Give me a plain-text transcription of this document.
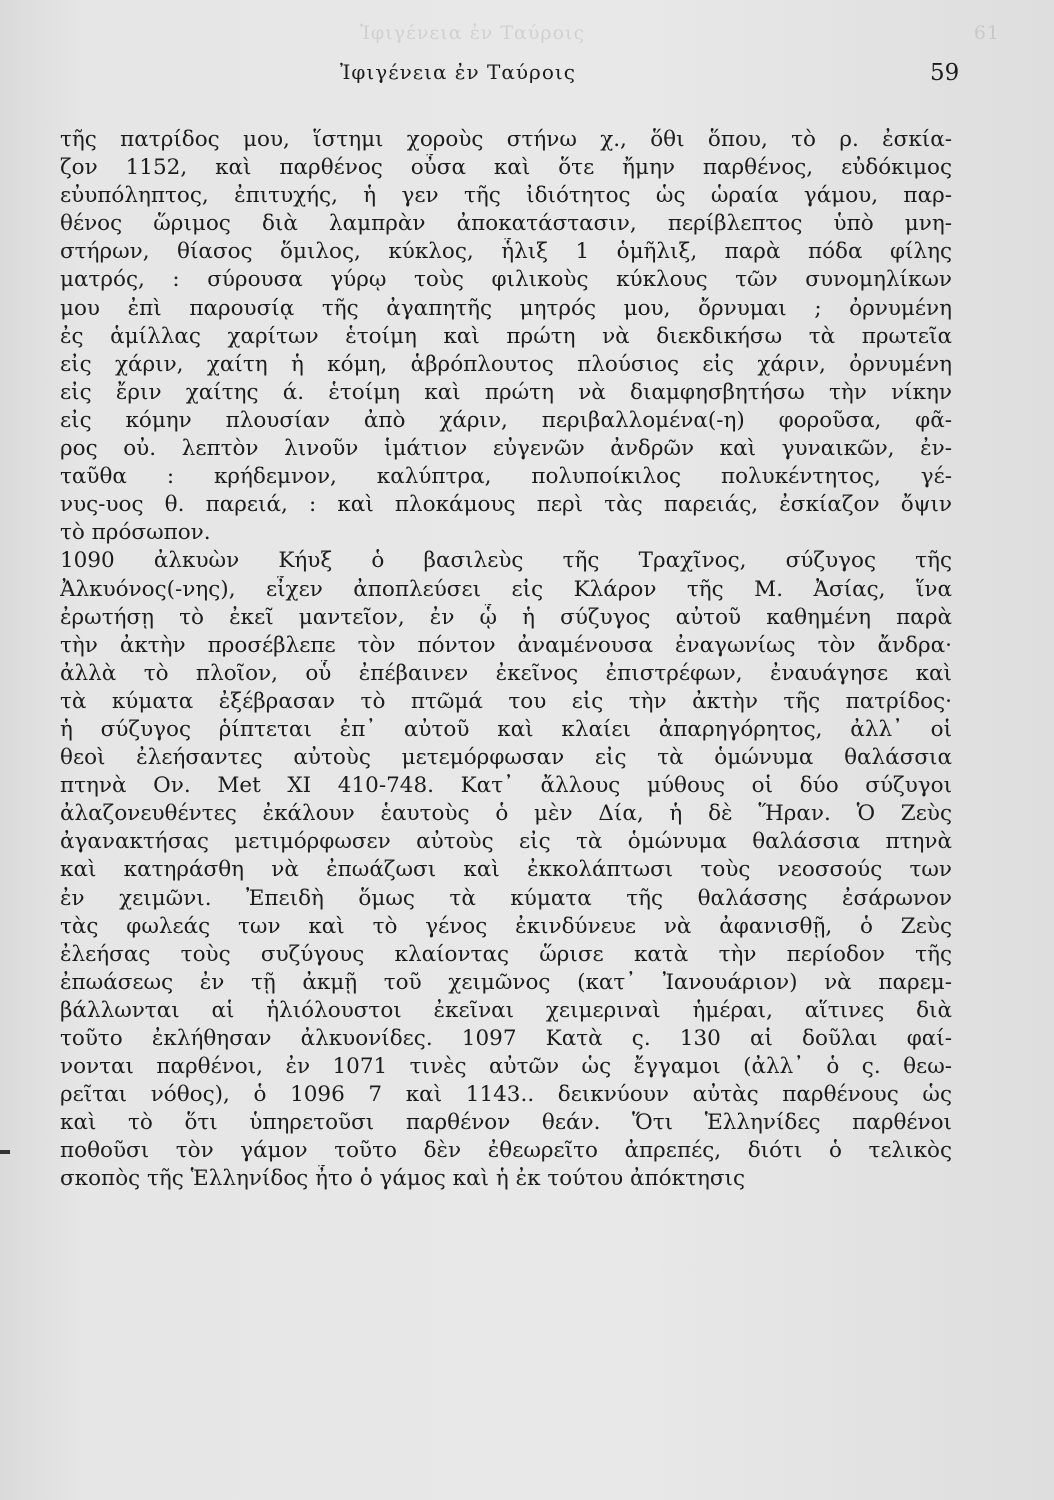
Ἰφιγένεια ἐν Ταύροις	61
Ἰφιγένεια ἐν Ταύροις	59
τῆς πατρίδος μου, ἵστημι χοροὺς στήνω χ., ὅθι ὅπου, τὸ ρ. ἐσκία-
ζον 1152, καὶ παρθένος οὖσα καὶ ὅτε ἤμην παρθένος, εὐδόκιμος
εὐυπόληπτος, ἐπιτυχής, ἡ γεν τῆς ἰδιότητος ὡς ὡραία γάμου, παρ-
θένος ὥριμος διὰ λαμπρὰν ἀποκατάστασιν, περίβλεπτος ὑπὸ μνη-
στήρων, θίασος ὅμιλος, κύκλος, ἧλιξ 1 ὁμῆλιξ, παρὰ πόδα φίλης
ματρός, : σύρουσα γύρῳ τοὺς φιλικοὺς κύκλους τῶν συνομηλίκων
μου ἐπὶ παρουσίᾳ τῆς ἀγαπητῆς μητρός μου, ὄρνυμαι ; ὀρνυμένη
ἐς ἁμίλλας χαρίτων ἑτοίμη καὶ πρώτη νὰ διεκδικήσω τὰ πρωτεῖα
εἰς χάριν, χαίτη ἡ κόμη, ἁβρόπλουτος πλούσιος εἰς χάριν, ὀρνυμένη
εἰς ἔριν χαίτης ά. ἑτοίμη καὶ πρώτη νὰ διαμφησβητήσω τὴν νίκην
εἰς κόμην πλουσίαν ἀπὸ χάριν, περιβαλλομένα(-η) φοροῦσα, φᾶ-
ρος οὐ. λεπτὸν λινοῦν ἱμάτιον εὐγενῶν ἀνδρῶν καὶ γυναικῶν, ἐν-
ταῦθα : κρήδεμνον, καλύπτρα, πολυποίκιλος πολυκέντητος, γέ-
νυς-υος θ. παρειά, : καὶ πλοκάμους περὶ τὰς παρειάς, ἐσκίαζον ὄψιν
τὸ πρόσωπον.
1090 ἀλκυὼν Κήυξ ὁ βασιλεὺς τῆς Τραχῖνος, σύζυγος τῆς
Ἀλκυόνος(-νης), εἶχεν ἀποπλεύσει εἰς Κλάρον τῆς Μ. Ἀσίας, ἵνα
ἐρωτήσῃ τὸ ἐκεῖ μαντεῖον, ἐν ᾧ ἡ σύζυγος αὐτοῦ καθημένη παρὰ
τὴν ἀκτὴν προσέβλεπε τὸν πόντον ἀναμένουσα ἐναγωνίως τὸν ἄνδρα·
ἀλλὰ τὸ πλοῖον, οὗ ἐπέβαινεν ἐκεῖνος ἐπιστρέφων, ἐναυάγησε καὶ
τὰ κύματα ἐξέβρασαν τὸ πτῶμά του εἰς τὴν ἀκτὴν τῆς πατρίδος·
ἡ σύζυγος ῥίπτεται ἐπ᾽ αὐτοῦ καὶ κλαίει ἀπαρηγόρητος, ἀλλ᾽ οἱ
θεοὶ ἐλεήσαντες αὐτοὺς μετεμόρφωσαν εἰς τὰ ὁμώνυμα θαλάσσια
πτηνὰ Ον. Met XI 410-748. Κατ᾽ ἄλλους μύθους οἱ δύο σύζυγοι
ἀλαζονευθέντες ἐκάλουν ἑαυτοὺς ὁ μὲν Δία, ἡ δὲ Ἥραν. Ὁ Ζεὺς
ἀγανακτήσας μετιμόρφωσεν αὐτοὺς εἰς τὰ ὁμώνυμα θαλάσσια πτηνὰ
καὶ κατηράσθη νὰ ἐπωάζωσι καὶ ἐκκολάπτωσι τοὺς νεοσσούς των
ἐν χειμῶνι. Ἐπειδὴ ὅμως τὰ κύματα τῆς θαλάσσης ἐσάρωνον
τὰς φωλεάς των καὶ τὸ γένος ἐκινδύνευε νὰ ἀφανισθῇ, ὁ Ζεὺς
ἐλεήσας τοὺς συζύγους κλαίοντας ὥρισε κατὰ τὴν περίοδον τῆς
ἐπωάσεως ἐν τῇ ἀκμῇ τοῦ χειμῶνος (κατ᾽ Ἰανουάριον) νὰ παρεμ-
βάλλωνται αἱ ἡλιόλουστοι ἐκεῖναι χειμεριναὶ ἡμέραι, αἵτινες διὰ
τοῦτο ἐκλήθησαν ἀλκυονίδες. 1097 Κατὰ ς. 130 αἱ δοῦλαι φαί-
νονται παρθένοι, ἐν 1071 τινὲς αὐτῶν ὡς ἔγγαμοι (ἀλλ᾽ ὁ ς. θεω-
ρεῖται νόθος), ὁ 1096 7 καὶ 1143.. δεικνύουν αὐτὰς παρθένους ὡς
καὶ τὸ ὅτι ὑπηρετοῦσι παρθένον θεάν. Ὅτι Ἑλληνίδες παρθένοι
ποθοῦσι τὸν γάμον τοῦτο δὲν ἐθεωρεῖτο ἀπρεπές, διότι ὁ τελικὸς
σκοπὸς τῆς Ἑλληνίδος ἦτο ὁ γάμος καὶ ἡ ἐκ τούτου ἀπόκτησις
